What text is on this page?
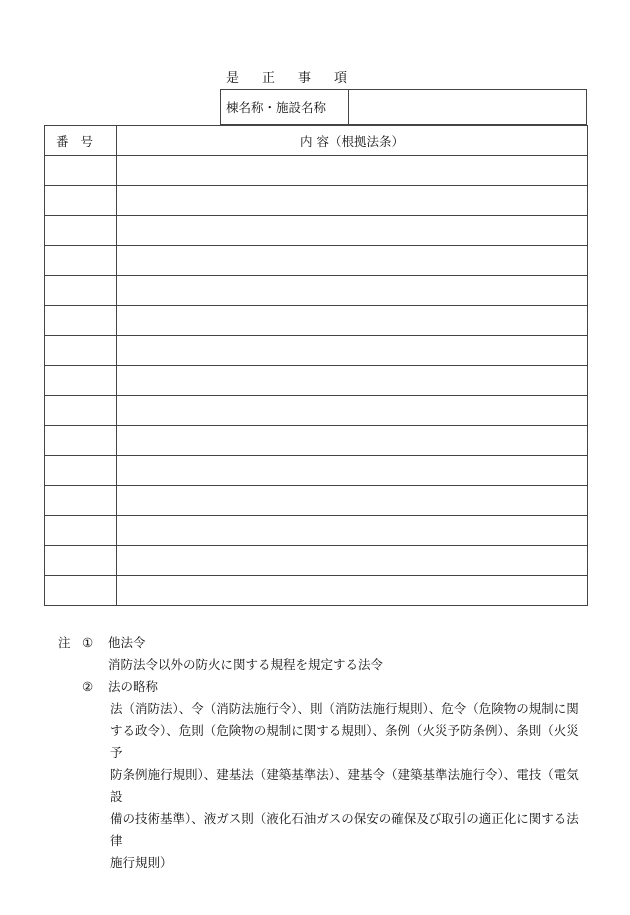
是 正 事 項
棟名称・施設名称
番号	内 容（根拠法条）

注 ①	他法令
消防法令以外の防火に関する規程を規定する法令
②	法の略称
法（消防法）、令（消防法施行令）、則（消防法施行規則）、危令（危険物の規制に関
する政令）、危則（危険物の規制に関する規則）、条例（火災予防条例）、条則（火災予
防条例施行規則）、建基法（建築基準法）、建基令（建築基準法施行令）、電技（電気設
備の技術基準）、液ガス則（液化石油ガスの保安の確保及び取引の適正化に関する法律
施行規則）
